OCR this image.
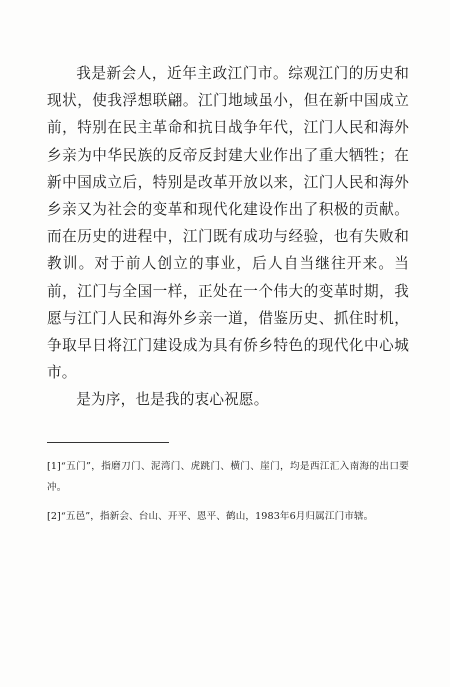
我是新会人，近年主政江门市。综观江门的历史和现状，使我浮想联翩。江门地域虽小，但在新中国成立前，特别在民主革命和抗日战争年代，江门人民和海外乡亲为中华民族的反帝反封建大业作出了重大牺牲；在新中国成立后，特别是改革开放以来，江门人民和海外乡亲又为社会的变革和现代化建设作出了积极的贡献。而在历史的进程中，江门既有成功与经验，也有失败和教训。对于前人创立的事业，后人自当继往开来。当前，江门与全国一样，正处在一个伟大的变革时期，我愿与江门人民和海外乡亲一道，借鉴历史、抓住时机，争取早日将江门建设成为具有侨乡特色的现代化中心城市。

是为序，也是我的衷心祝愿。

[1]“五门”，指磨刀门、泥湾门、虎跳门、横门、崖门，均是西江汇入南海的出口要冲。

[2]“五邑”，指新会、台山、开平、恩平、鹤山，1983年6月归属江门市辖。
